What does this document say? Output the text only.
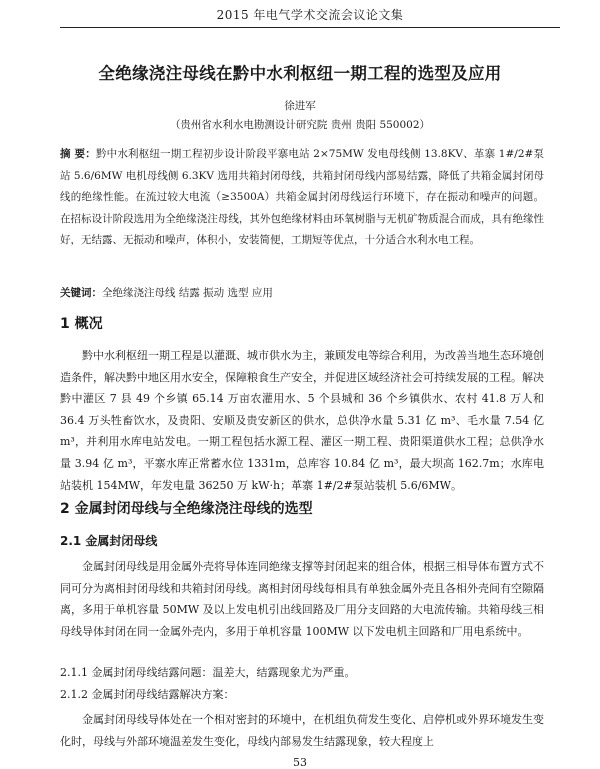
2015 年电气学术交流会议论文集
全绝缘浇注母线在黔中水利枢纽一期工程的选型及应用
徐进军
（贵州省水利水电勘测设计研究院 贵州 贵阳 550002）
摘 要：黔中水利枢纽一期工程初步设计阶段平寨电站 2×75MW 发电母线侧 13.8KV、革寨 1#/2#泵站 5.6/6MW 电机母线侧 6.3KV 选用共箱封闭母线，共箱封闭母线内部易结露，降低了共箱金属封闭母线的绝缘性能。在流过较大电流（≥3500A）共箱金属封闭母线运行环境下，存在振动和噪声的问题。在招标设计阶段选用为全绝缘浇注母线，其外包绝缘材料由环氧树脂与无机矿物质混合而成，具有绝缘性好，无结露、无振动和噪声，体积小，安装简便，工期短等优点，十分适合水利水电工程。
关键词：全绝缘浇注母线 结露 振动 选型 应用
1 概况
黔中水利枢纽一期工程是以灌溉、城市供水为主，兼顾发电等综合利用，为改善当地生态环境创造条件，解决黔中地区用水安全，保障粮食生产安全，并促进区域经济社会可持续发展的工程。解决黔中灌区 7 县 49 个乡镇 65.14 万亩农灌用水、5 个县城和 36 个乡镇供水、农村 41.8 万人和 36.4 万头牲畜饮水，及贵阳、安顺及贵安新区的供水，总供净水量 5.31 亿 m³、毛水量 7.54 亿 m³，并利用水库电站发电。一期工程包括水源工程、灌区一期工程、贵阳渠道供水工程；总供净水量 3.94 亿 m³，平寨水库正常蓄水位 1331m，总库容 10.84 亿 m³，最大坝高 162.7m；水库电站装机 154MW，年发电量 36250 万 kW·h；革寨 1#/2#泵站装机 5.6/6MW。
2 金属封闭母线与全绝缘浇注母线的选型
2.1 金属封闭母线
金属封闭母线是用金属外壳将导体连同绝缘支撑等封闭起来的组合体，根据三相导体布置方式不同可分为离相封闭母线和共箱封闭母线。离相封闭母线每相具有单独金属外壳且各相外壳间有空隙隔离，多用于单机容量 50MW 及以上发电机引出线回路及厂用分支回路的大电流传输。共箱母线三相母线导体封闭在同一金属外壳内，多用于单机容量 100MW 以下发电机主回路和厂用电系统中。
2.1.1 金属封闭母线结露问题：温差大，结露现象尤为严重。
2.1.2 金属封闭母线结露解决方案：
金属封闭母线导体处在一个相对密封的环境中，在机组负荷发生变化、启停机或外界环境发生变化时，母线与外部环境温差发生变化，母线内部易发生结露现象，较大程度上
53
